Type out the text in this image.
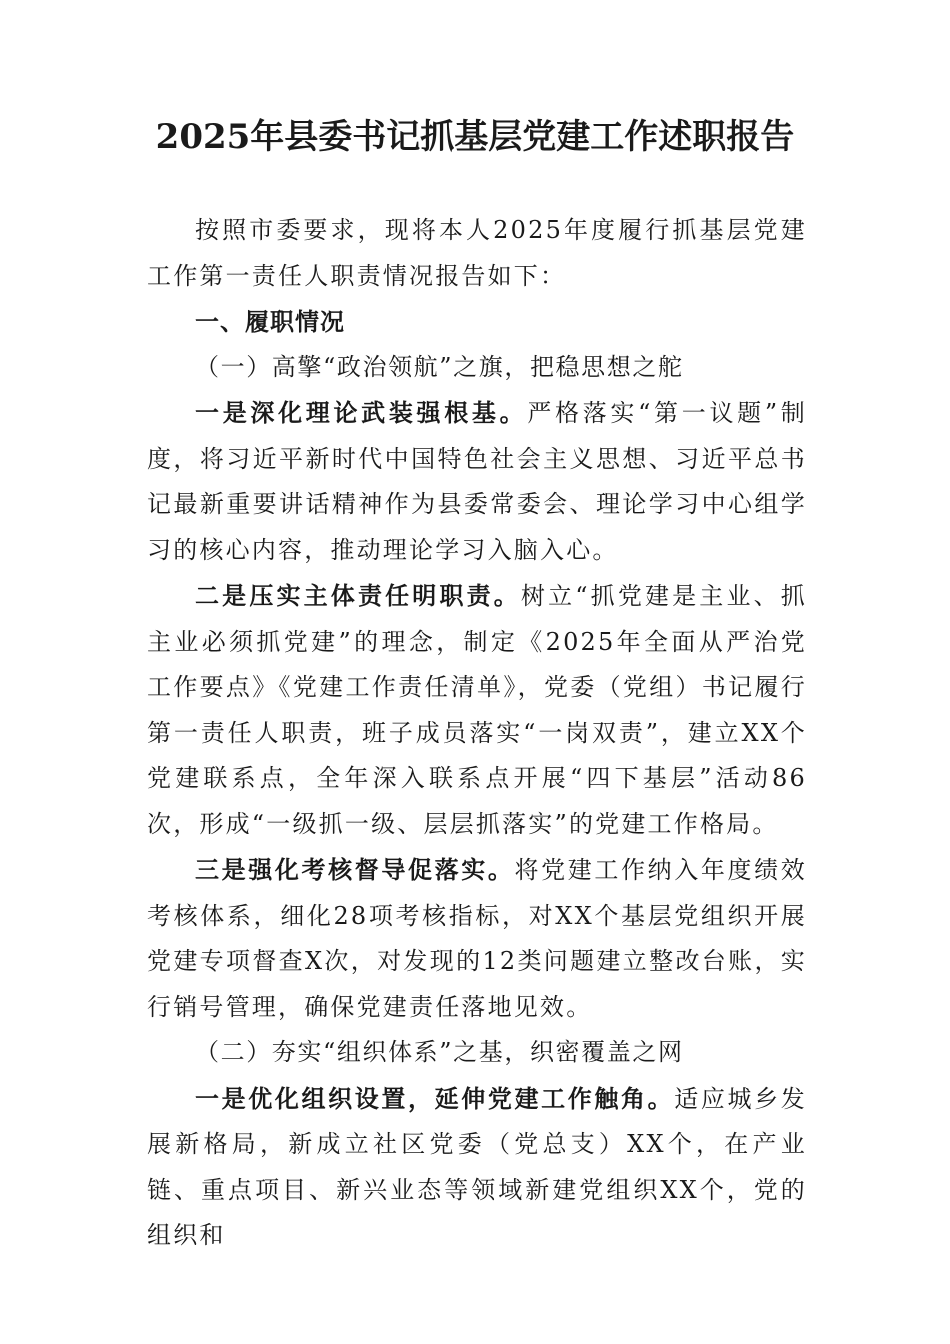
2025年县委书记抓基层党建工作述职报告

按照市委要求，现将本人2025年度履行抓基层党建工作第一责任人职责情况报告如下：

一、履职情况

（一）高擎“政治领航”之旗，把稳思想之舵

一是深化理论武装强根基。严格落实“第一议题”制度，将习近平新时代中国特色社会主义思想、习近平总书记最新重要讲话精神作为县委常委会、理论学习中心组学习的核心内容，推动理论学习入脑入心。

二是压实主体责任明职责。树立“抓党建是主业、抓主业必须抓党建”的理念，制定《2025年全面从严治党工作要点》《党建工作责任清单》，党委（党组）书记履行第一责任人职责，班子成员落实“一岗双责”，建立XX个党建联系点，全年深入联系点开展“四下基层”活动86次，形成“一级抓一级、层层抓落实”的党建工作格局。

三是强化考核督导促落实。将党建工作纳入年度绩效考核体系，细化28项考核指标，对XX个基层党组织开展党建专项督查X次，对发现的12类问题建立整改台账，实行销号管理，确保党建责任落地见效。

（二）夯实“组织体系”之基，织密覆盖之网

一是优化组织设置，延伸党建工作触角。适应城乡发展新格局，新成立社区党委（党总支）XX个，在产业链、重点项目、新兴业态等领域新建党组织XX个，党的组织和
